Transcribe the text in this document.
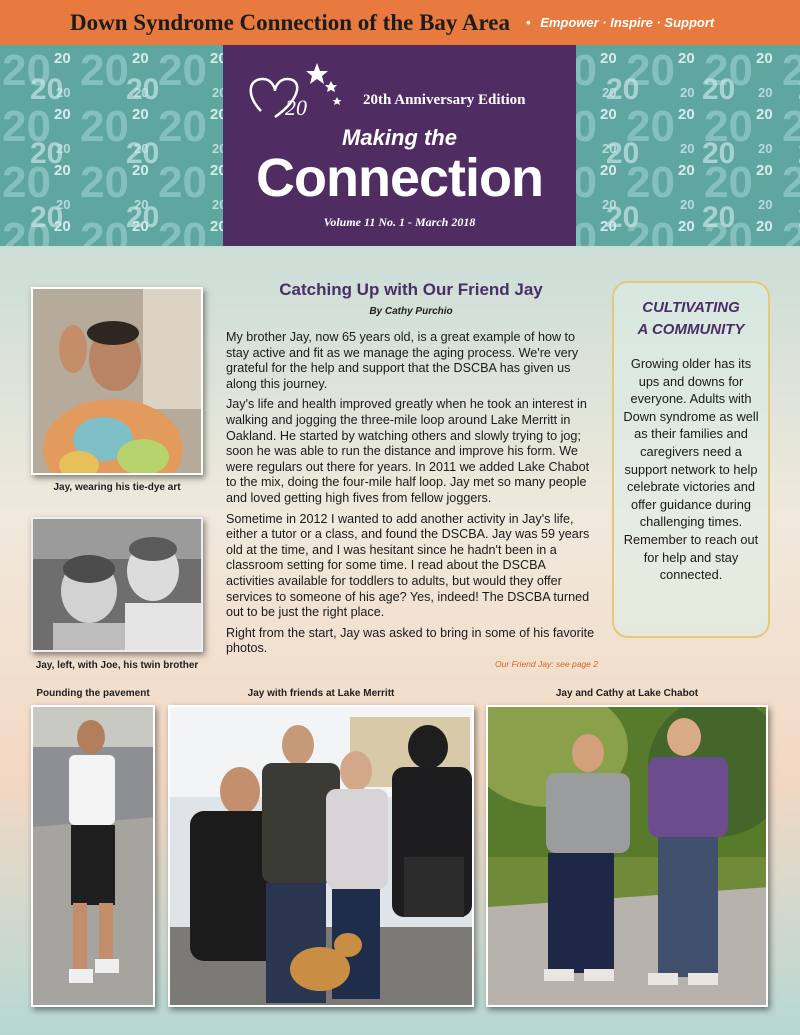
Down Syndrome Connection of the Bay Area • Empower · Inspire · Support
20	20th Anniversary Edition
Making the
Connection
Volume 11 No. 1 - March 2018
Jay, wearing his tie-dye art
Jay, left, with Joe, his twin brother
Catching Up with Our Friend Jay
By Cathy Purchio

My brother Jay, now 65 years old, is a great example of how to stay active and fit as we manage the aging process. We're very grateful for the help and support that the DSCBA has given us along this journey.

Jay's life and health improved greatly when he took an interest in walking and jogging the three-mile loop around Lake Merritt in Oakland. He started by watching others and slowly trying to jog; soon he was able to run the distance and improve his form. We were regulars out there for years. In 2011 we added Lake Chabot to the mix, doing the four-mile half loop. Jay met so many people and loved getting high fives from fellow joggers.

Sometime in 2012 I wanted to add another activity in Jay's life, either a tutor or a class, and found the DSCBA. Jay was 59 years old at the time, and I was hesitant since he hadn't been in a classroom setting for some time. I read about the DSCBA activities available for toddlers to adults, but would they offer services to someone of his age? Yes, indeed! The DSCBA turned out to be just the right place.

Right from the start, Jay was asked to bring in some of his favorite photos.

Our Friend Jay: see page 2
CULTIVATING
A COMMUNITY
Growing older has its ups and downs for everyone. Adults with Down syndrome as well as their families and caregivers need a support network to help celebrate victories and offer guidance during challenging times. Remember to reach out for help and stay connected.
Pounding the pavement	Jay with friends at Lake Merritt	Jay and Cathy at Lake Chabot
